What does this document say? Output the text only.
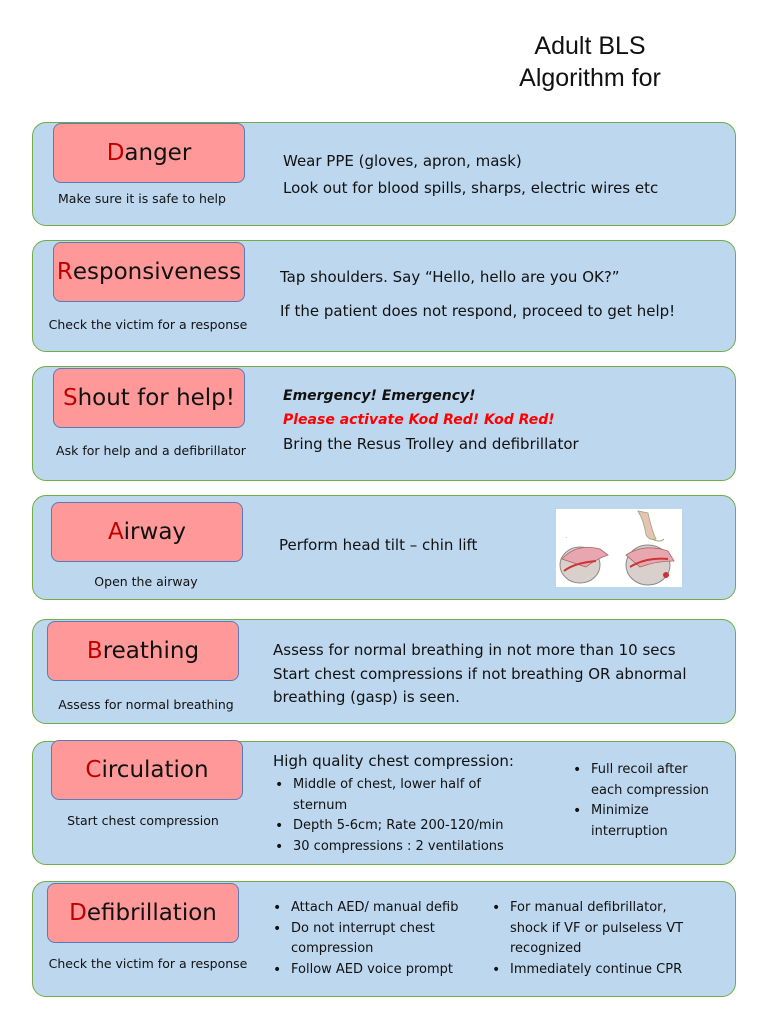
Adult BLS
Algorithm for
D anger
Make sure it is safe to help
Wear PPE (gloves, apron, mask)
Look out for blood spills, sharps, electric wires etc
R esponsiveness
Check the victim for a response
Tap shoulders. Say “Hello, hello are you OK?”
If the patient does not respond, proceed to get help!
S hout for help!
Ask for help and a defibrillator
Emergency! Emergency!
Please activate Kod Red! Kod Red!
Bring the Resus Trolley and defibrillator
A irway
Open the airway
Perform head tilt – chin lift	·
B reathing
Assess for normal breathing
Assess for normal breathing in not more than 10 secs
Start chest compressions if not breathing OR abnormal
breathing (gasp) is seen.
C irculation
Start chest compression
High quality chest compression:
• Middle of chest, lower half of
sternum
• Depth 5-6cm; Rate 200-120/min
• 30 compressions : 2 ventilations
• Full recoil after
each compression
• Minimize
interruption
D efibrillation
Check the victim for a response
• Attach AED/ manual defib
• Do not interrupt chest
compression
• Follow AED voice prompt
• For manual defibrillator,
shock if VF or pulseless VT
recognized
• Immediately continue CPR
